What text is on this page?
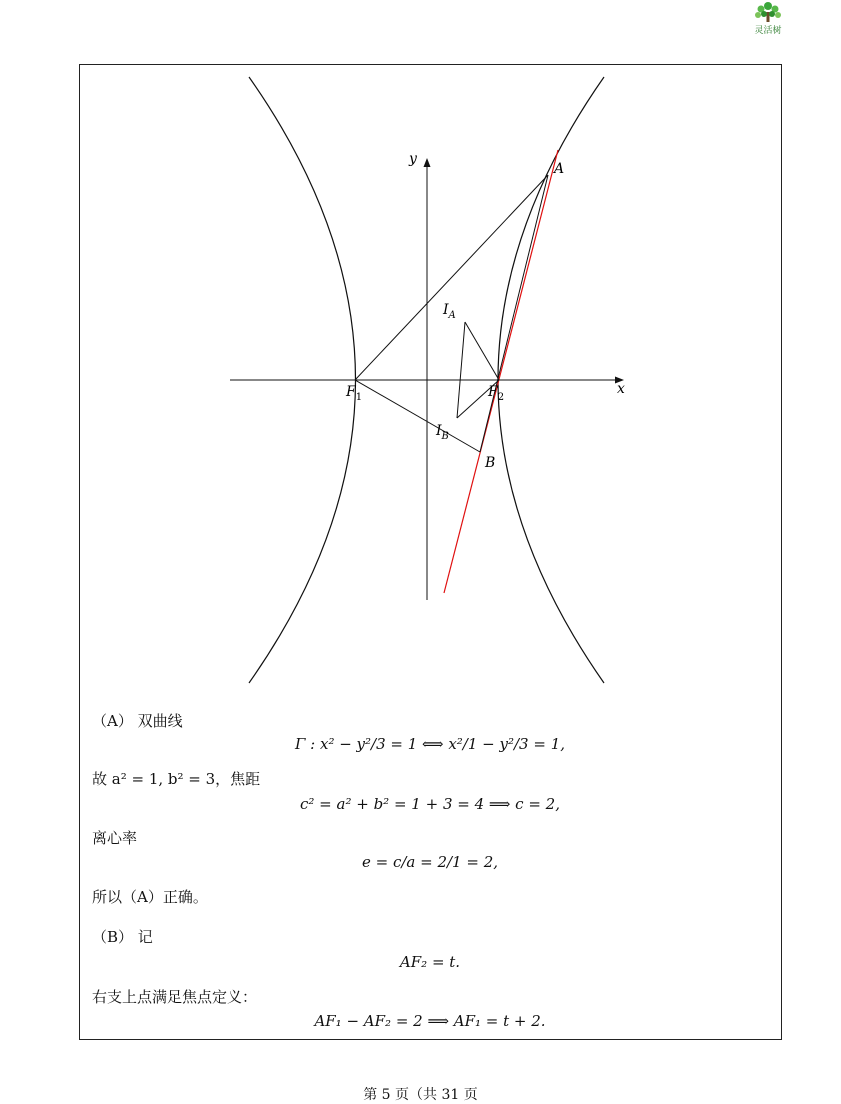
灵活树
y
x
A
B
$F_1$	$F_2$
$I_A$
$I_B$
（A） 双曲线
Γ : x² − y²/3 = 1 ⟺ x²/1 − y²/3 = 1,
故 a² = 1, b² = 3，焦距
c² = a² + b² = 1 + 3 = 4 ⟹ c = 2,
离心率
e = c/a = 2/1 = 2,
所以（A）正确。
（B） 记
AF₂ = t.
右支上点满足焦点定义：
AF₁ − AF₂ = 2 ⟹ AF₁ = t + 2.
第 5 页（共 31 页
